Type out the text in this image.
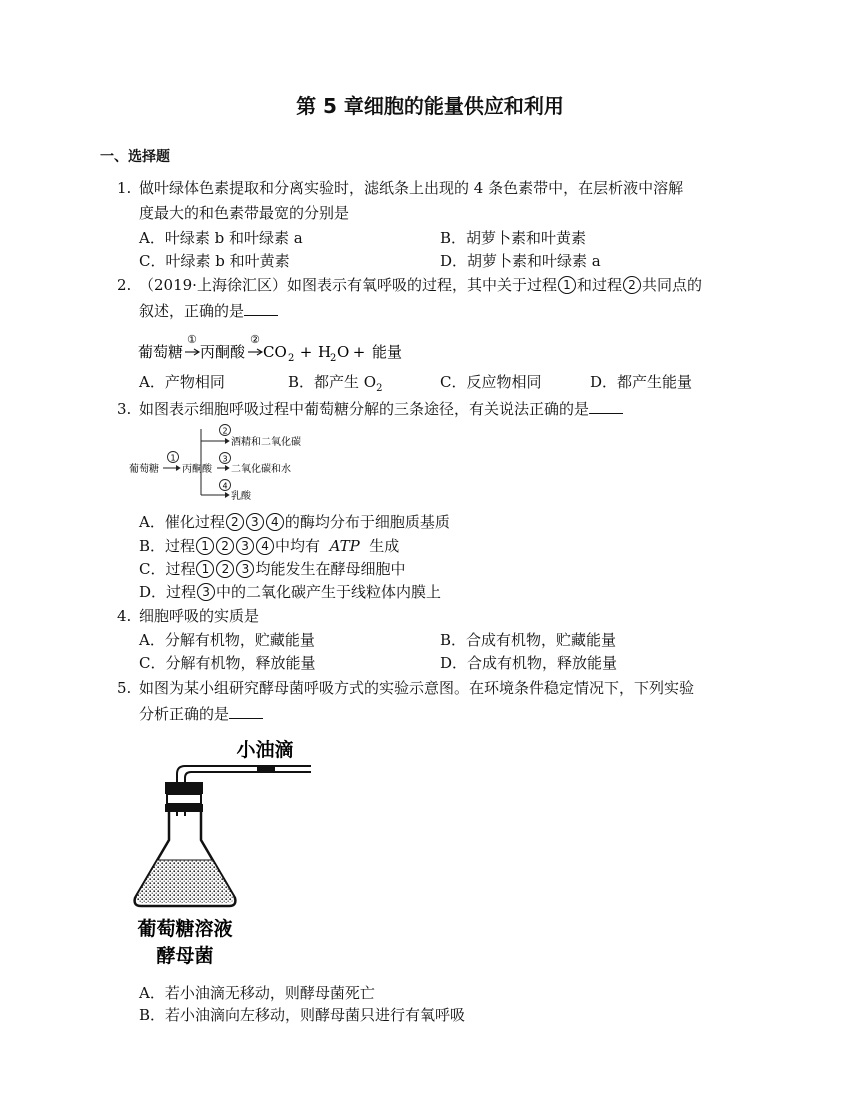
第 5 章细胞的能量供应和利用
一、选择题
1. 做叶绿体色素提取和分离实验时，滤纸条上出现的 4 条色素带中，在层析液中溶解
度最大的和色素带最宽的分别是
A．叶绿素 b 和叶绿素 a	B．胡萝卜素和叶黄素
C．叶绿素 b 和叶黄素	D．胡萝卜素和叶绿素 a
2. （2019·上海徐汇区）如图表示有氧呼吸的过程，其中关于过程 1 和过程 2 共同点的
叙述，正确的是
葡萄糖
①
丙酮酸
②
CO 2 + H
2 O
+ 能量
A．产物相同	B．都产生 $O_2$	C．反应物相同	D．都产生能量
3. 如图表示细胞呼吸过程中葡萄糖分解的三条途径，有关说法正确的是
葡萄糖
1
丙酮酸
2
3
4
酒精和二氧化碳
二氧化碳和水
乳酸
A．催化过程 2 3 4 的酶均分布于细胞质基质
B．过程 1 2 3 4 中均有 ATP 生成
C．过程 1 2 3 均能发生在酵母细胞中
D．过程 3 中的二氧化碳产生于线粒体内膜上
4. 细胞呼吸的实质是
A．分解有机物，贮藏能量	B．合成有机物，贮藏能量
C．分解有机物，释放能量	D．合成有机物，释放能量
5. 如图为某小组研究酵母菌呼吸方式的实验示意图。在环境条件稳定情况下，下列实验
分析正确的是
小油滴
葡萄糖溶液
酵母菌
A．若小油滴无移动，则酵母菌死亡
B．若小油滴向左移动，则酵母菌只进行有氧呼吸
